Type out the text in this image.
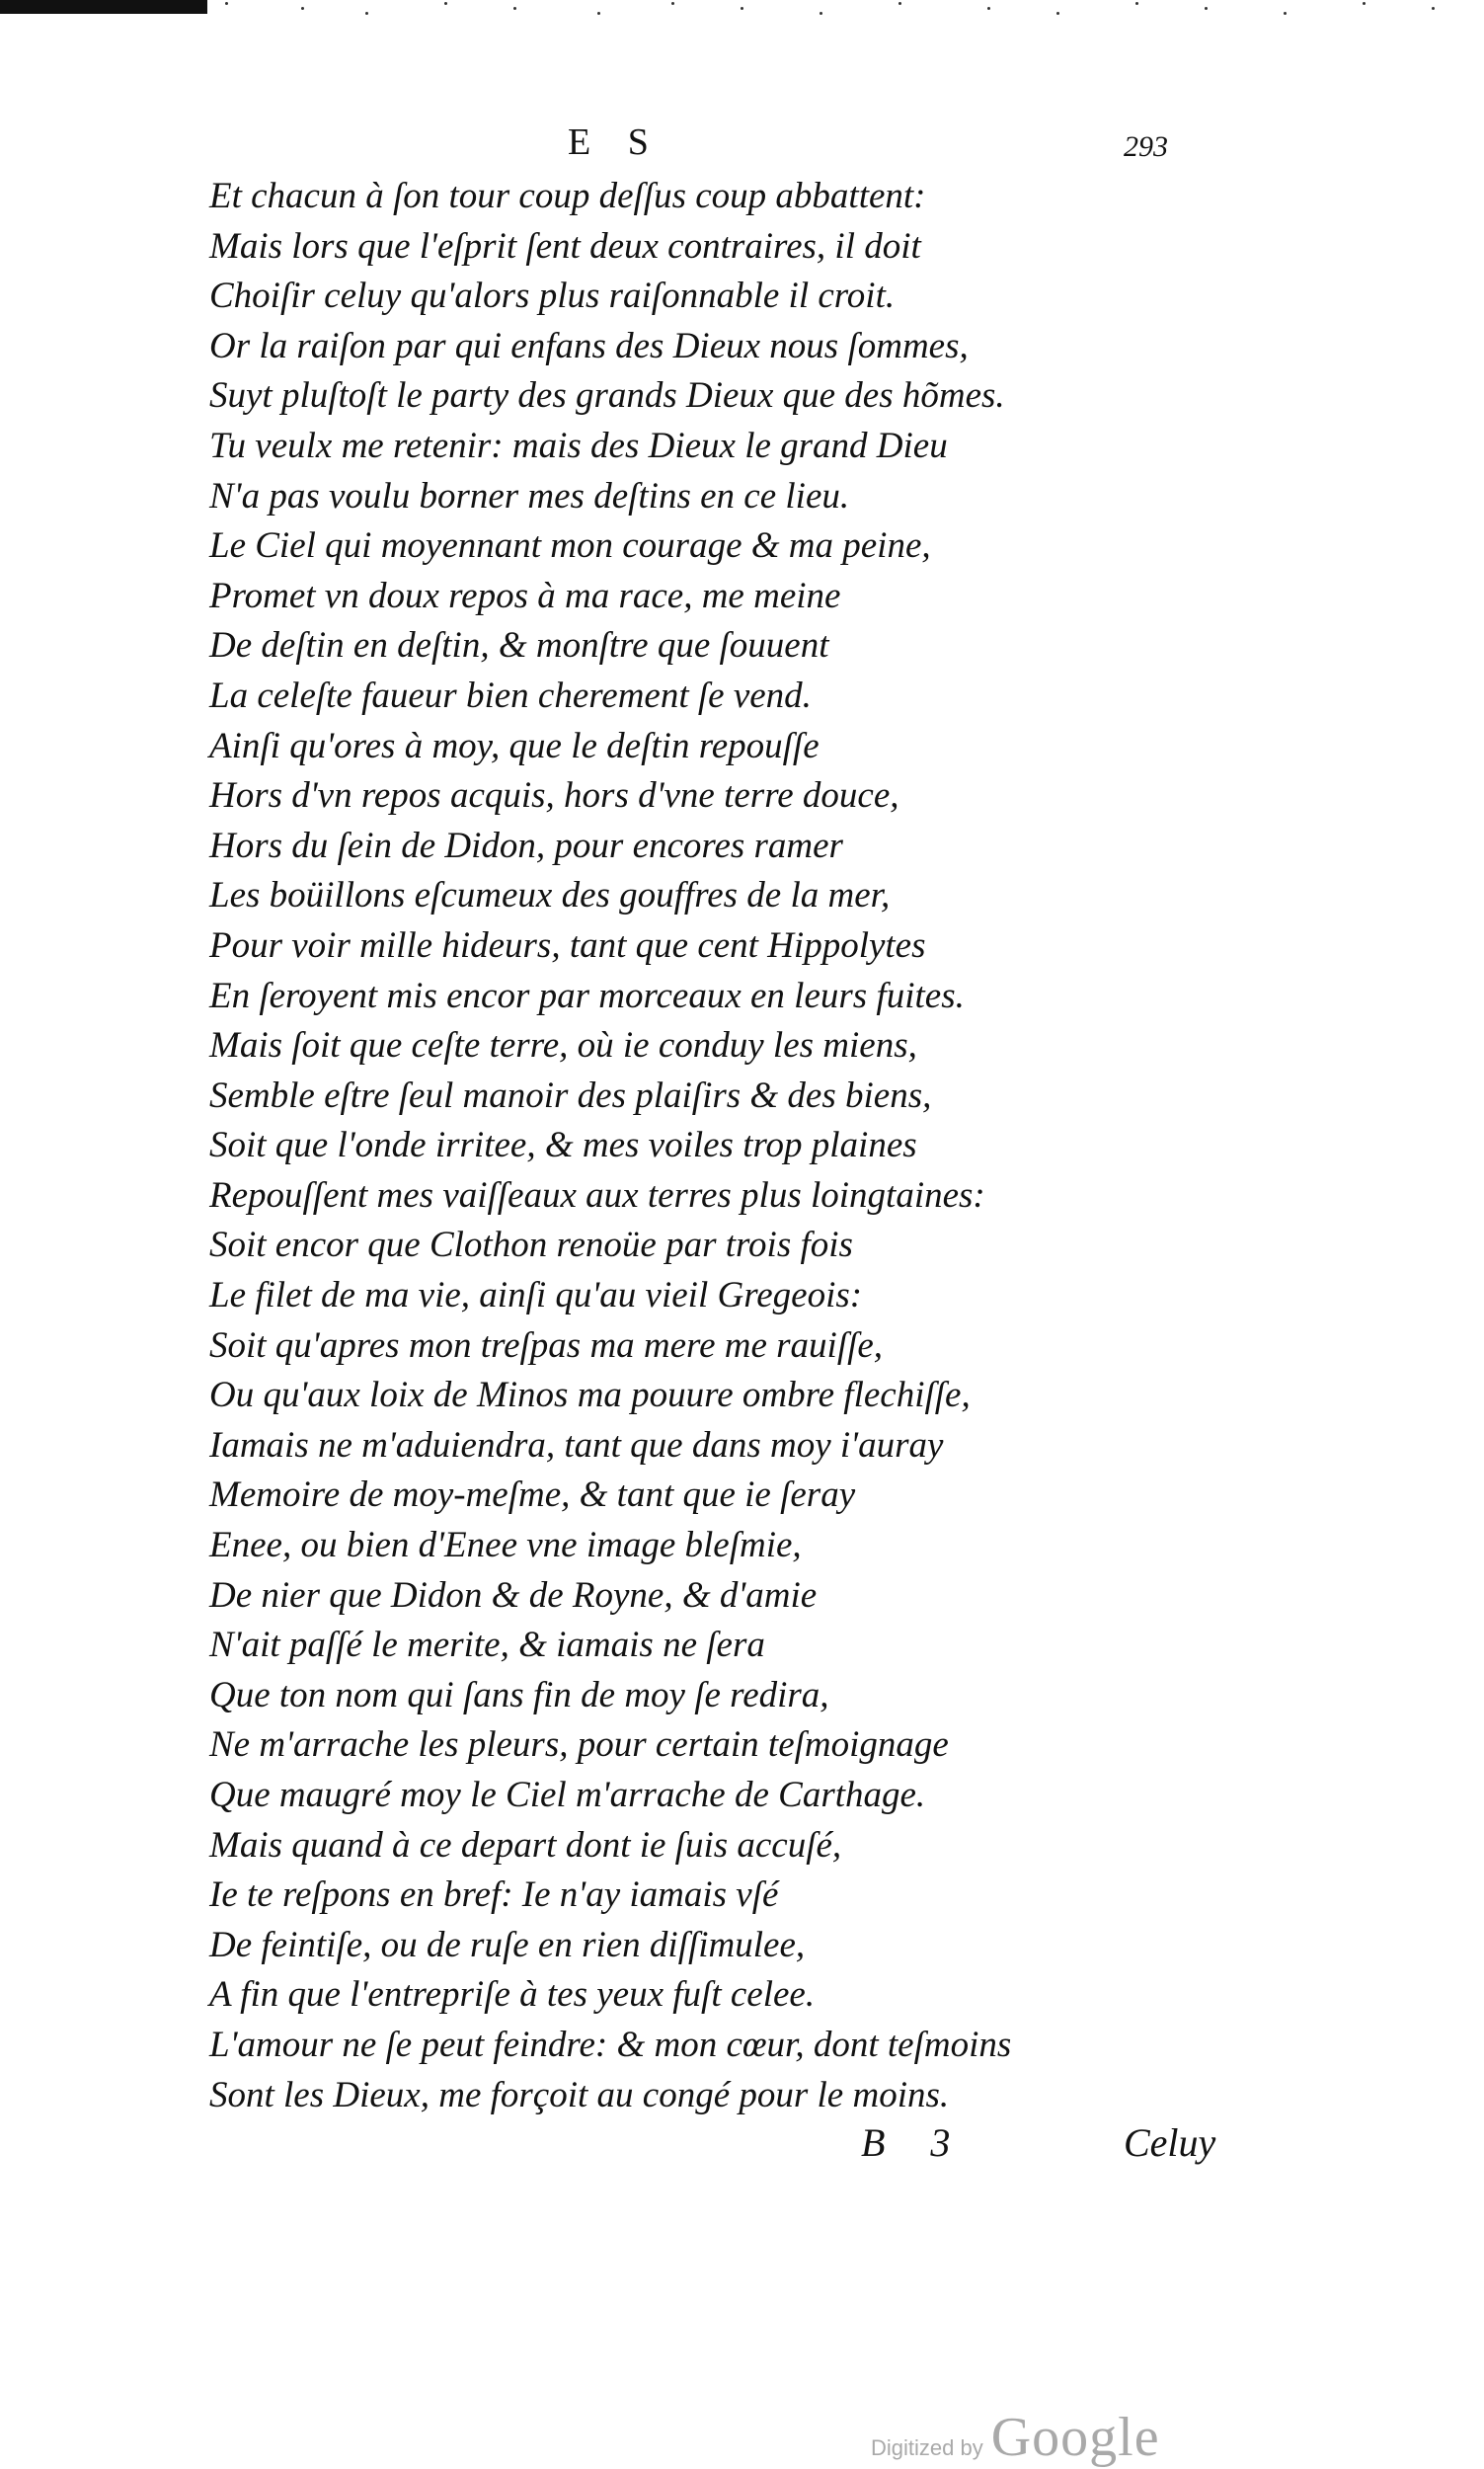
E S	293
Et chacun à ſon tour coup deſſus coup abbattent:
Mais lors que l'eſprit ſent deux contraires, il doit
Choiſir celuy qu'alors plus raiſonnable il croit.
Or la raiſon par qui enfans des Dieux nous ſommes,
Suyt pluſtoſt le party des grands Dieux que des hõmes.
Tu veulx me retenir: mais des Dieux le grand Dieu
N'a pas voulu borner mes deſtins en ce lieu.
Le Ciel qui moyennant mon courage & ma peine,
Promet vn doux repos à ma race, me meine
De deſtin en deſtin, & monſtre que ſouuent
La celeſte faueur bien cherement ſe vend.
Ainſi qu'ores à moy, que le deſtin repouſſe
Hors d'vn repos acquis, hors d'vne terre douce,
Hors du ſein de Didon, pour encores ramer
Les boüillons eſcumeux des gouffres de la mer,
Pour voir mille hideurs, tant que cent Hippolytes
En ſeroyent mis encor par morceaux en leurs fuites.
Mais ſoit que ceſte terre, où ie conduy les miens,
Semble eſtre ſeul manoir des plaiſirs & des biens,
Soit que l'onde irritee, & mes voiles trop plaines
Repouſſent mes vaiſſeaux aux terres plus loingtaines:
Soit encor que Clothon renoüe par trois fois
Le filet de ma vie, ainſi qu'au vieil Gregeois:
Soit qu'apres mon treſpas ma mere me rauiſſe,
Ou qu'aux loix de Minos ma pouure ombre flechiſſe,
Iamais ne m'aduiendra, tant que dans moy i'auray
Memoire de moy-meſme, & tant que ie ſeray
Enee, ou bien d'Enee vne image bleſmie,
De nier que Didon & de Royne, & d'amie
N'ait paſſé le merite, & iamais ne ſera
Que ton nom qui ſans fin de moy ſe redira,
Ne m'arrache les pleurs, pour certain teſmoignage
Que maugré moy le Ciel m'arrache de Carthage.
Mais quand à ce depart dont ie ſuis accuſé,
Ie te reſpons en bref: Ie n'ay iamais vſé
De feintiſe, ou de ruſe en rien diſſimulee,
A fin que l'entrepriſe à tes yeux fuſt celee.
L'amour ne ſe peut feindre: & mon cœur, dont teſmoins
Sont les Dieux, me forçoit au congé pour le moins.
B 3	Celuy
Digitized by Google
